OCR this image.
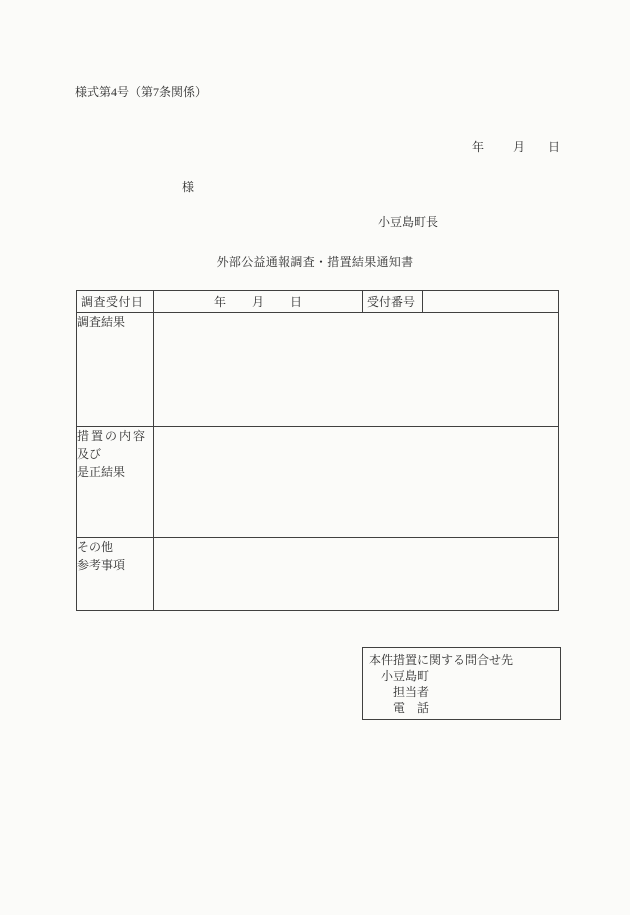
様式第4号（第7条関係）
年 月 日
様
小豆島町長
外部公益通報調査・措置結果通知書
調査受付日	年 月 日	受付番号	

調査結果			

措置の内容
及び
是正結果			

その他
参考事項			

本件措置に関する問合せ先
小豆島町
担当者
電　話
